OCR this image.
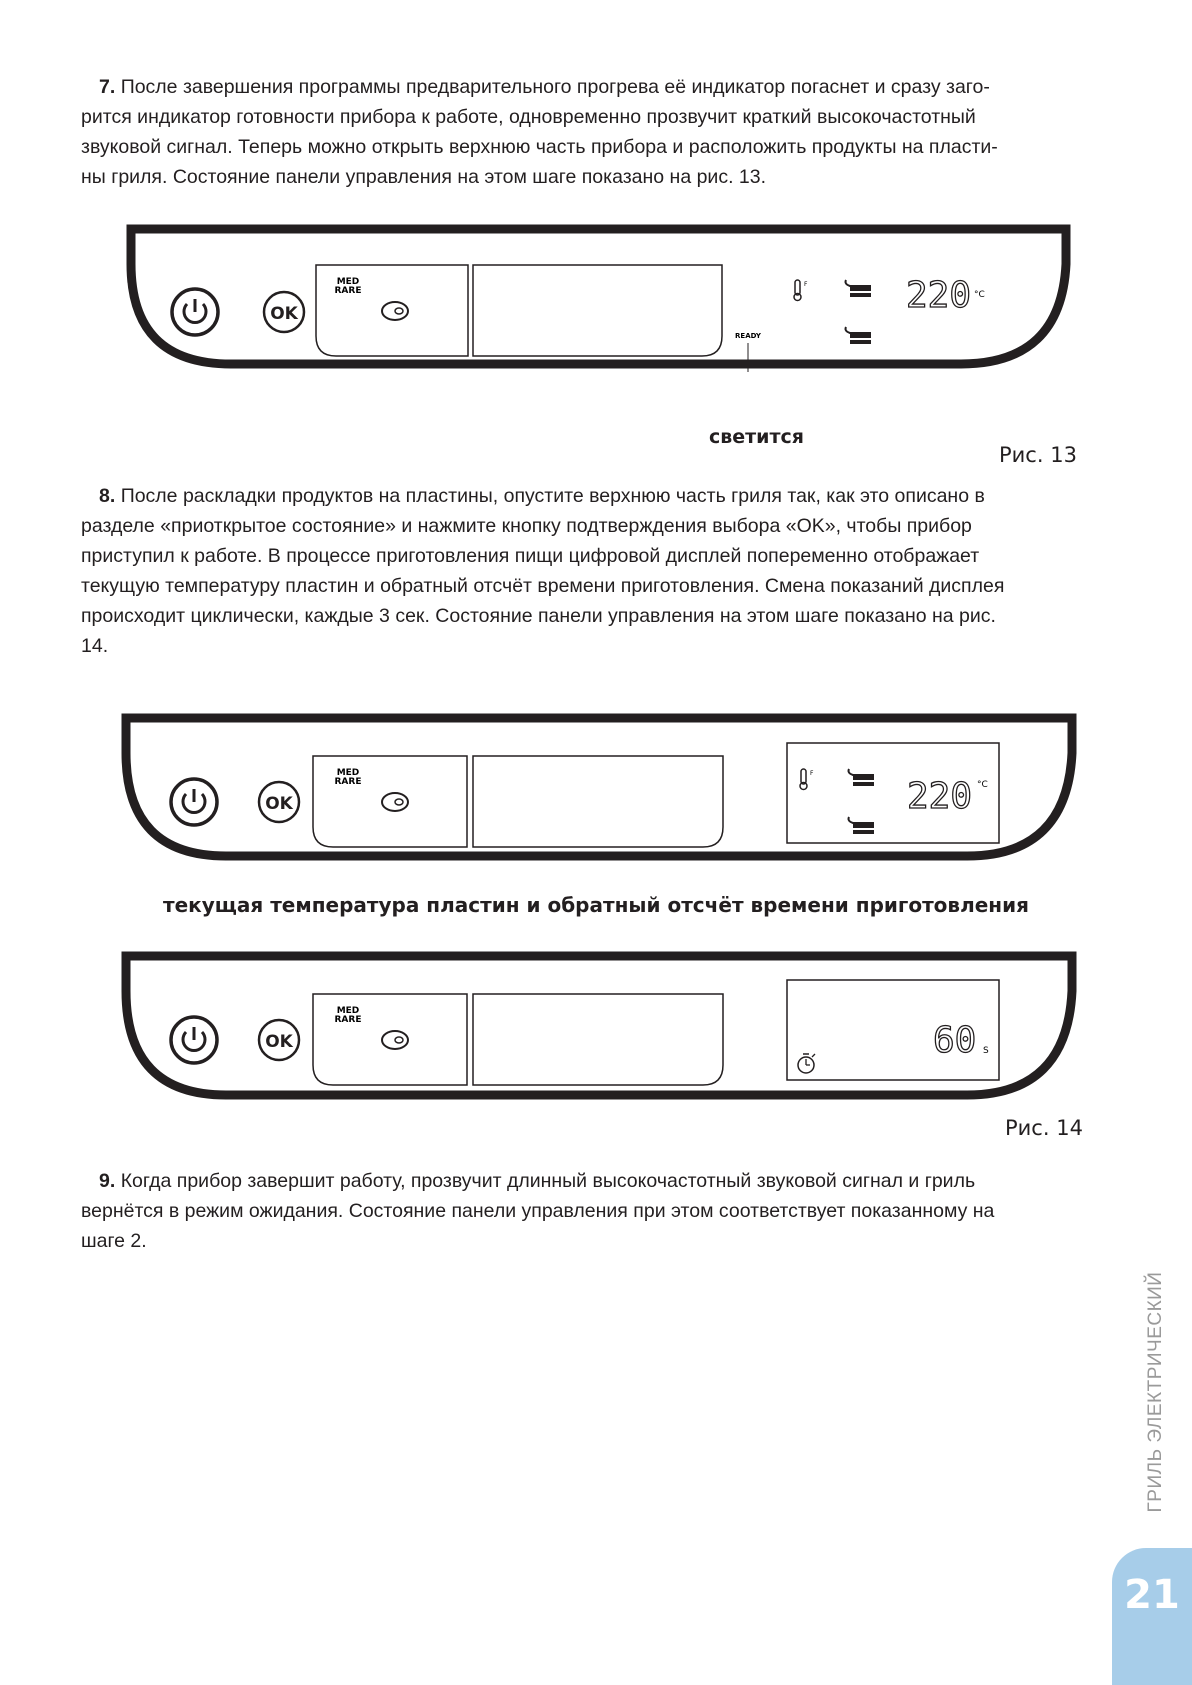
7. После завершения программы предварительного прогрева её индикатор погаснет и сразу заго-
рится индикатор готовности прибора к работе, одновременно прозвучит краткий высокочастотный
звуковой сигнал. Теперь можно открыть верхнюю часть прибора и расположить продукты на пласти-
ны гриля. Состояние панели управления на этом шаге показано на рис. 13.
OK
MED
RARE
READY
F	220 °C
светится
Рис. 13
8. После раскладки продуктов на пластины, опустите верхнюю часть гриля так, как это описано в
разделе «приоткрытое состояние» и нажмите кнопку подтверждения выбора «OK», чтобы прибор
приступил к работе. В процессе приготовления пищи цифровой дисплей попеременно отображает
текущую температуру пластин и обратный отсчёт времени приготовления. Смена показаний дисплея
происходит циклически, каждые 3 сек. Состояние панели управления на этом шаге показано на рис.
14.
OK
MED
RARE
F
220 °C
текущая температура пластин и обратный отсчёт времени приготовления
OK
MED
RARE	60 S
Рис. 14
9. Когда прибор завершит работу, прозвучит длинный высокочастотный звуковой сигнал и гриль
вернётся в режим ожидания. Состояние панели управления при этом соответствует показанному на
шаге 2.
ГРИЛЬ ЭЛЕКТРИЧЕСКИЙ
21
